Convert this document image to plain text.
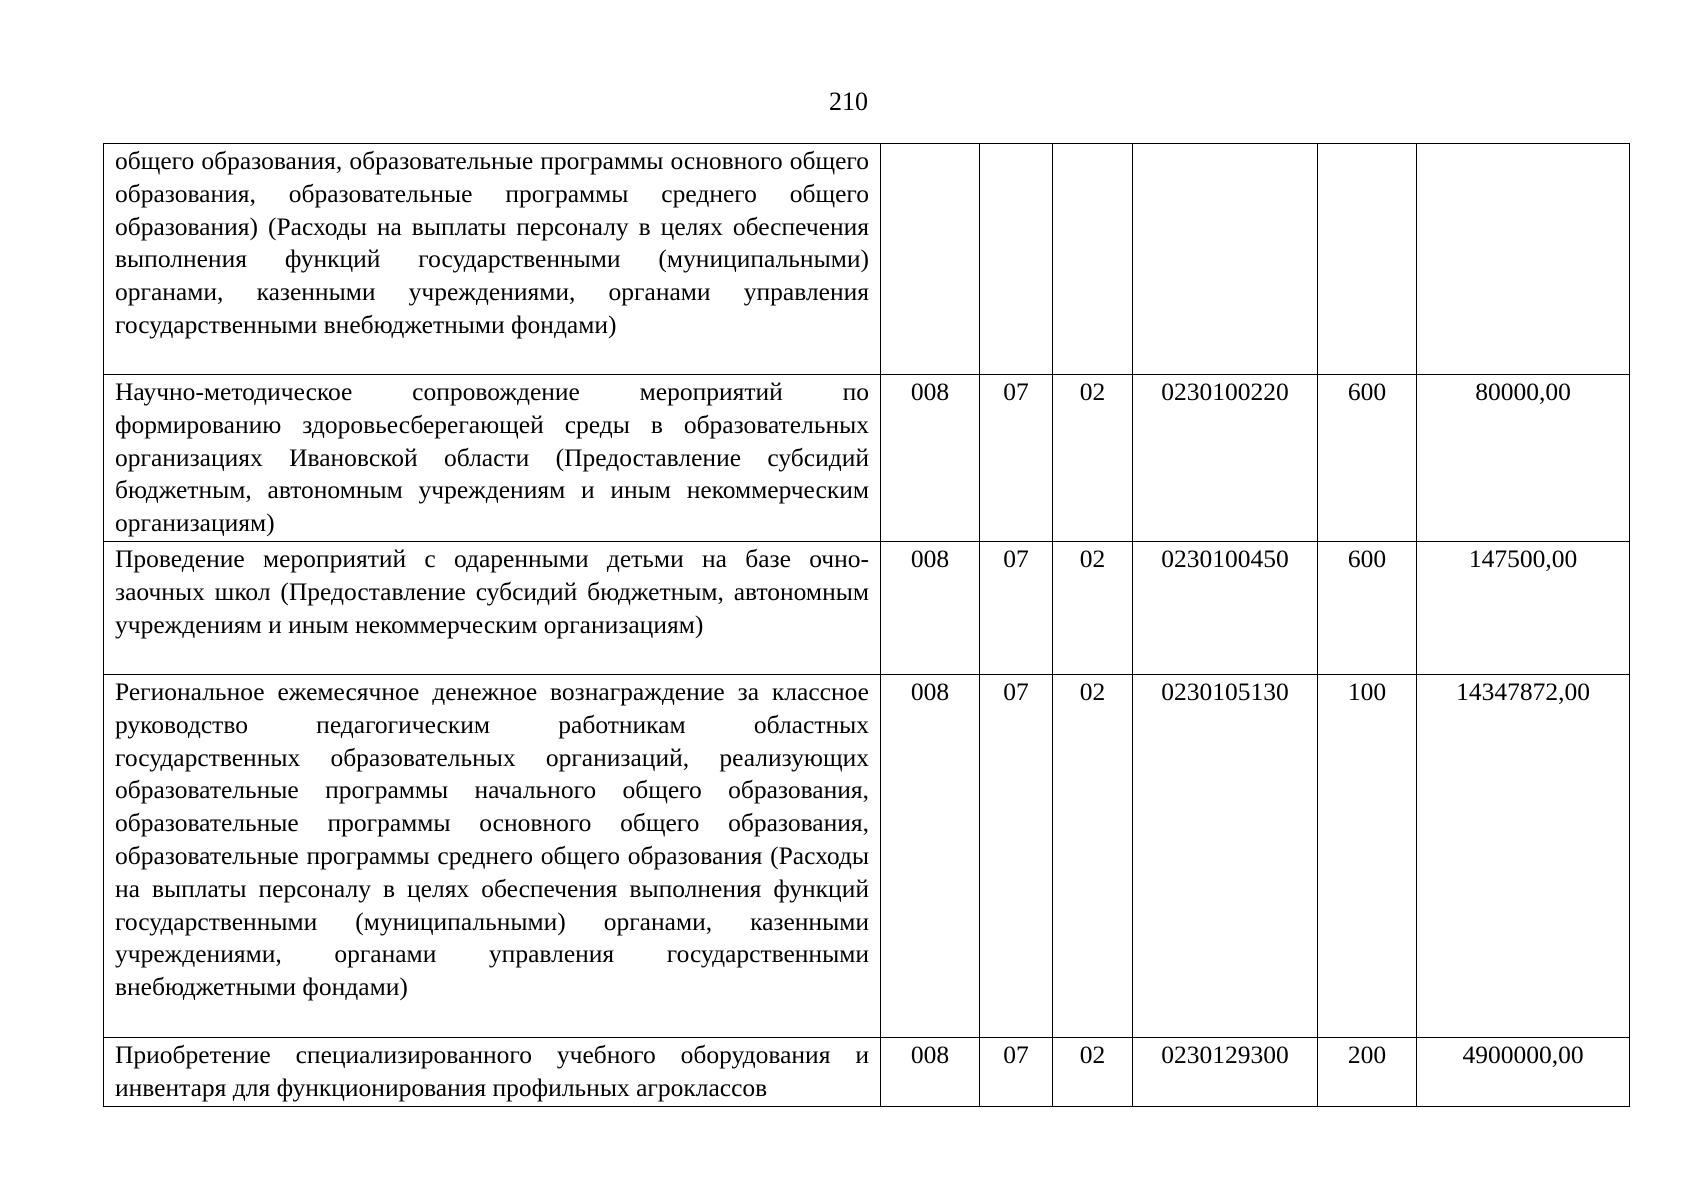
210
общего образования, образовательные программы основного общего образования, образовательные программы среднего общего образования) (Расходы на выплаты персоналу в целях обеспечения выполнения функций государственными (муниципальными) органами, казенными учреждениями, органами управления государственными внебюджетными фондами)						
Научно-методическое сопровождение мероприятий по формированию здоровьесберегающей среды в образовательных организациях Ивановской области (Предоставление субсидий бюджетным, автономным учреждениям и иным некоммерческим организациям)	008	07	02	0230100220	600	80000,00
Проведение мероприятий с одаренными детьми на базе очно-заочных школ (Предоставление субсидий бюджетным, автономным учреждениям и иным некоммерческим организациям)	008	07	02	0230100450	600	147500,00
Региональное ежемесячное денежное вознаграждение за классное руководство педагогическим работникам областных государственных образовательных организаций, реализующих образовательные программы начального общего образования, образовательные программы основного общего образования, образовательные программы среднего общего образования (Расходы на выплаты персоналу в целях обеспечения выполнения функций государственными (муниципальными) органами, казенными учреждениями, органами управления государственными внебюджетными фондами)	008	07	02	0230105130	100	14347872,00
Приобретение специализированного учебного оборудования и инвентаря для функционирования профильных агроклассов	008	07	02	0230129300	200	4900000,00
